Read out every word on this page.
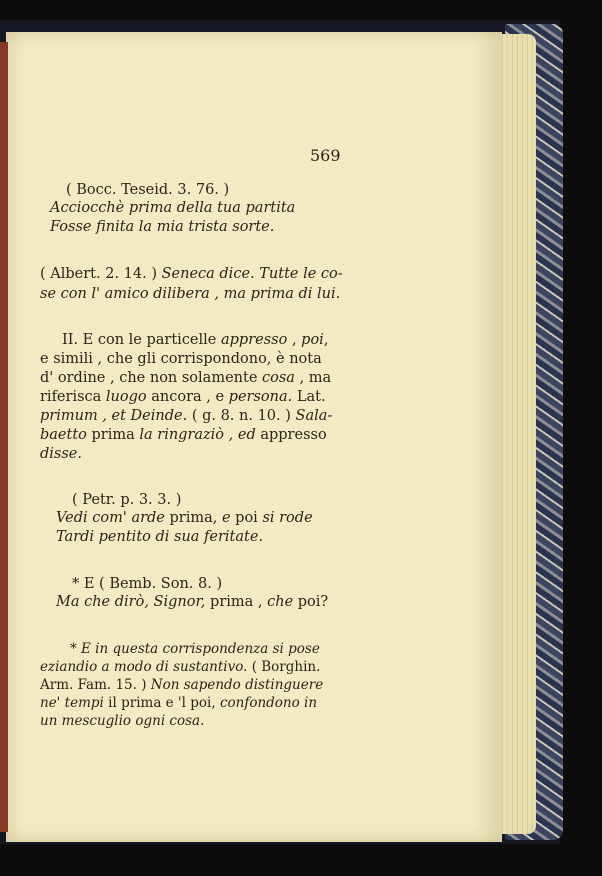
569
( Bocc. Teseid. 3. 76. )
Acciocchè prima della tua partita
Fosse finita la mia trista sorte.
( Albert. 2. 14. ) Seneca dice. Tutte le co-
se con l' amico dilibera , ma prima di lui.
II. E con le particelle appresso , poi,
e simili , che gli corrispondono, è nota
d' ordine , che non solamente cosa , ma
riferisca luogo ancora , e persona. Lat.
primum , et Deinde. ( g. 8. n. 10. ) Sala-
baetto prima la ringraziò , ed appresso
disse.
( Petr. p. 3. 3. )
Vedi com' arde prima, e poi si rode
Tardi pentito di sua feritate.
* E ( Bemb. Son. 8. )
Ma che dirò, Signor, prima , che poi?
* E in questa corrispondenza si pose
eziandio a modo di sustantivo. ( Borghin.
Arm. Fam. 15. ) Non sapendo distinguere
ne' tempi il prima e 'l poi, confondono in
un mescuglio ogni cosa.
